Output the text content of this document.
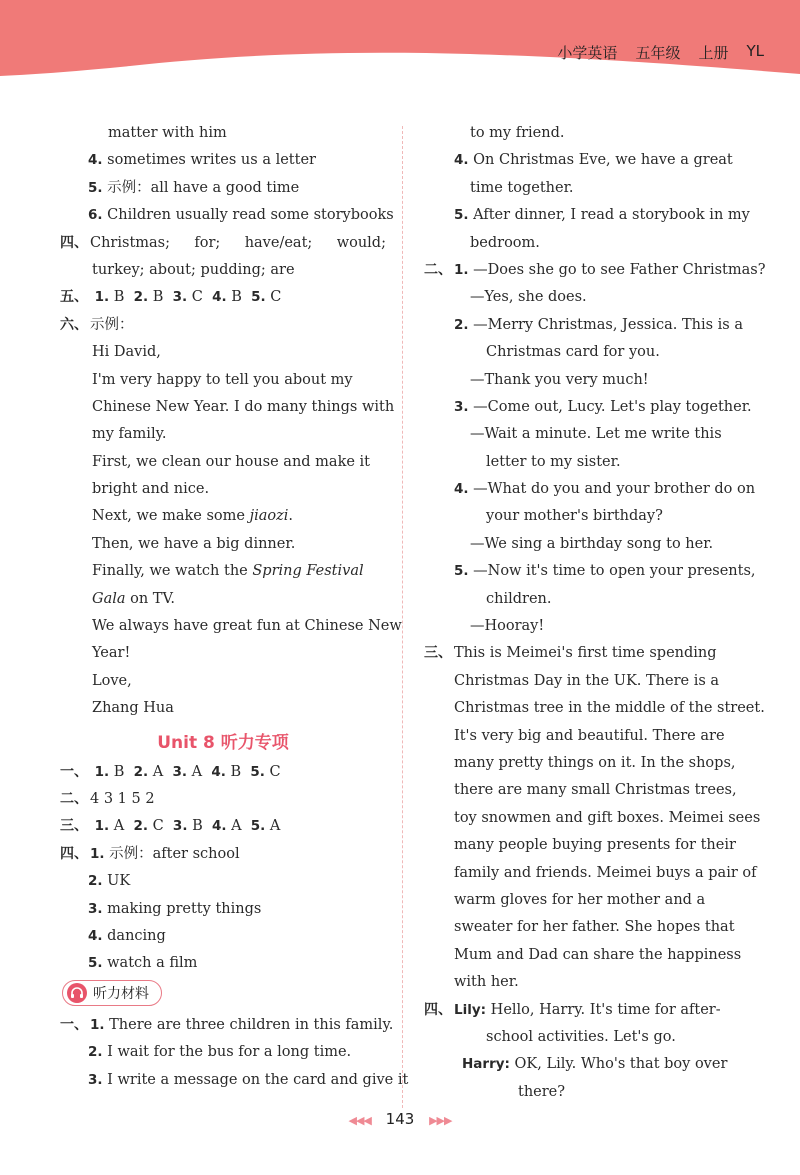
小学英语 五年级 上册 YL
matter with him
4. sometimes writes us a letter
5. 示例：all have a good time
6. Children usually read some storybooks
四、 Christmas; for; have/eat; would;
turkey; about; pudding; are
五、 1. B 2. B 3. C 4. B 5. C
六、 示例：
Hi David,
I'm very happy to tell you about my
Chinese New Year. I do many things with
my family.
First, we clean our house and make it
bright and nice.
Next, we make some jiaozi.
Then, we have a big dinner.
Finally, we watch the Spring Festival
Gala on TV.
We always have great fun at Chinese New
Year!
Love,
Zhang Hua
Unit 8 听力专项
一、 1. B 2. A 3. A 4. B 5. C
二、 4 3 1 5 2
三、 1. A 2. C 3. B 4. A 5. A
四、 1. 示例：after school
2. UK
3. making pretty things
4. dancing
5. watch a film
听力材料
一、 1. There are three children in this family.
2. I wait for the bus for a long time.
3. I write a message on the card and give it
to my friend.
4. On Christmas Eve, we have a great
time together.
5. After dinner, I read a storybook in my
bedroom.
二、 1. —Does she go to see Father Christmas?
—Yes, she does.
2. —Merry Christmas, Jessica. This is a
Christmas card for you.
—Thank you very much!
3. —Come out, Lucy. Let's play together.
—Wait a minute. Let me write this
letter to my sister.
4. —What do you and your brother do on
your mother's birthday?
—We sing a birthday song to her.
5. —Now it's time to open your presents,
children.
—Hooray!
三、 This is Meimei's first time spending
Christmas Day in the UK. There is a
Christmas tree in the middle of the street.
It's very big and beautiful. There are
many pretty things on it. In the shops,
there are many small Christmas trees,
toy snowmen and gift boxes. Meimei sees
many people buying presents for their
family and friends. Meimei buys a pair of
warm gloves for her mother and a
sweater for her father. She hopes that
Mum and Dad can share the happiness
with her.
四、 Lily: Hello, Harry. It's time for after-
school activities. Let's go.
Harry: OK, Lily. Who's that boy over
there?
◀◀◀ 143 ▶▶▶
